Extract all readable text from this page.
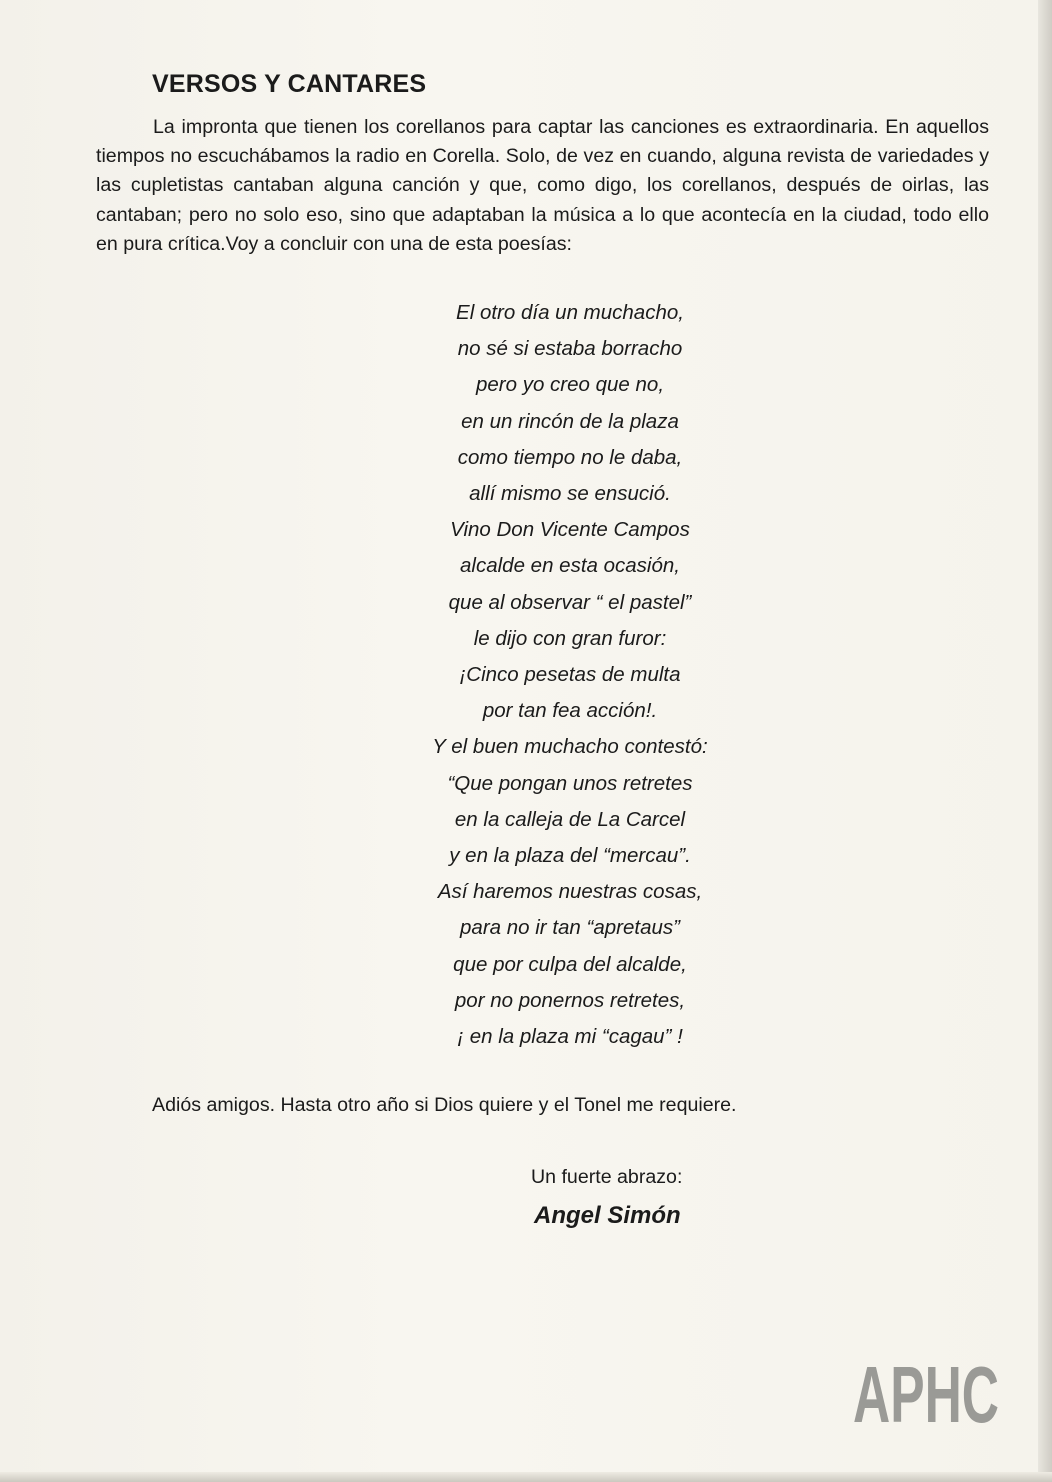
VERSOS Y CANTARES

La impronta que tienen los corellanos para captar las canciones es extraordinaria. En aquellos tiempos no escuchábamos la radio en Corella. Solo, de vez en cuando, alguna revista de variedades y las cupletistas cantaban alguna canción y que, como digo, los corellanos, después de oirlas, las cantaban; pero no solo eso, sino que adaptaban la música a lo que acontecía en la ciudad, todo ello en pura crítica.Voy a concluir con una de esta poesías:

El otro día un muchacho,
no sé si estaba borracho
pero yo creo que no,
en un rincón de la plaza
como tiempo no le daba,
allí mismo se ensució.
Vino Don Vicente Campos
alcalde en esta ocasión,
que al observar “ el pastel”
le dijo con gran furor:
¡Cinco pesetas de multa
por tan fea acción!.
Y el buen muchacho contestó:
“Que pongan unos retretes
en la calleja de La Carcel
y en la plaza del “mercau”.
Así haremos nuestras cosas,
para no ir tan “apretaus”
que por culpa del alcalde,
por no ponernos retretes,
¡ en la plaza mi “cagau” !

Adiós amigos. Hasta otro año si Dios quiere y el Tonel me requiere.

Un fuerte abrazo:

Angel Simón

APHC
